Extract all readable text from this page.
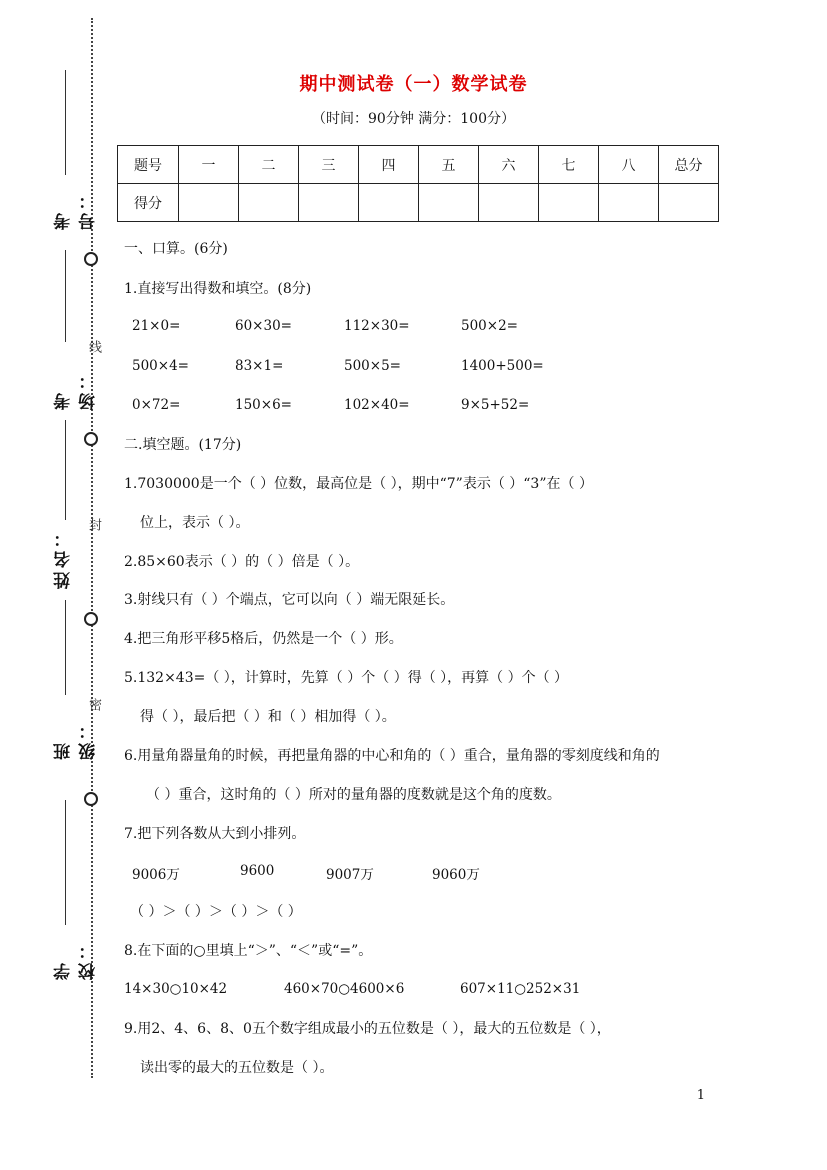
线
封
密
考号：
考场：
姓名：
班级：
学校：
期中测试卷（一）数学试卷
（时间：90分钟 满分：100分）
题号	一	二	三	四	五	六	七	八	总分
得分									
一、口算。(6分)
1.直接写出得数和填空。(8分)
21×0=	60×30=	112×30=	500×2=
500×4=	83×1=	500×5=	1400+500=
0×72=	150×6=	102×40=	9×5+52=
二.填空题。(17分)
1.7030000是一个（ ）位数，最高位是（ ），期中“7”表示（ ）“3”在（ ）
位上，表示（ ）。
2.85×60表示（ ）的（ ）倍是（ ）。
3.射线只有（ ）个端点，它可以向（ ）端无限延长。
4.把三角形平移5格后，仍然是一个（ ）形。
5.132×43=（ ），计算时，先算（ ）个（ ）得（ ），再算（ ）个（ ）
得（ ），最后把（ ）和（ ）相加得（ ）。
6.用量角器量角的时候，再把量角器的中心和角的（ ）重合，量角器的零刻度线和角的
（ ）重合，这时角的（ ）所对的量角器的度数就是这个角的度数。
7.把下列各数从大到小排列。
9006万	9600	9007万	9060万
（ ）＞（ ）＞（ ）＞（ ）
8.在下面的○里填上“＞”、“＜”或“=”。
14×30○10×42	460×70○4600×6	607×11○252×31
9.用2、4、6、8、0五个数字组成最小的五位数是（ ），最大的五位数是（ ），
读出零的最大的五位数是（ ）。
1
